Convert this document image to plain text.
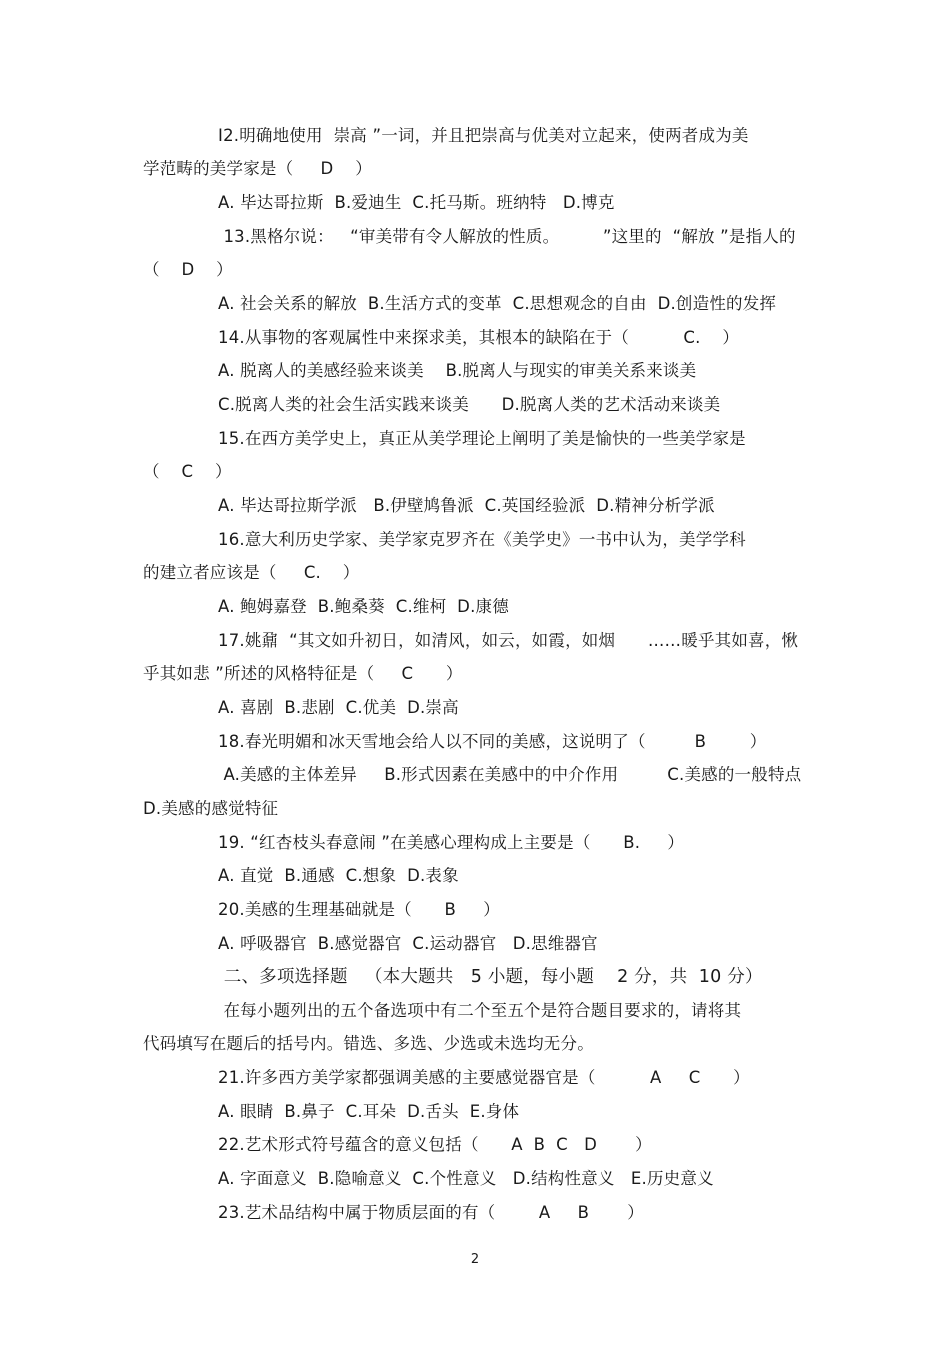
I2.明确地使用  崇高 ”一词，并且把崇高与优美对立起来，使两者成为美

学范畴的美学家是（     D    ）

A. 毕达哥拉斯  B.爱迪生  C.托马斯。班纳特   D.博克

13.黑格尔说：   “审美带有令人解放的性质。        ”这里的  “解放 ”是指人的

（    D    ）

A. 社会关系的解放  B.生活方式的变革  C.思想观念的自由  D.创造性的发挥

14.从事物的客观属性中来探求美，其根本的缺陷在于（          C.    ）

A. 脱离人的美感经验来谈美    B.脱离人与现实的审美关系来谈美

C.脱离人类的社会生活实践来谈美      D.脱离人类的艺术活动来谈美

15.在西方美学史上，真正从美学理论上阐明了美是愉快的一些美学家是

（    C    ）

A. 毕达哥拉斯学派   B.伊壁鸠鲁派  C.英国经验派  D.精神分析学派

16.意大利历史学家、美学家克罗齐在《美学史》一书中认为，美学学科

的建立者应该是（     C.    ）

A. 鲍姆嘉登  B.鲍桑葵  C.维柯  D.康德

17.姚鼐  “其文如升初日，如清风，如云，如霞，如烟      ……暖乎其如喜，愀

乎其如悲 ”所述的风格特征是（     C      ）

A. 喜剧  B.悲剧  C.优美  D.崇高

18.春光明媚和冰天雪地会给人以不同的美感，这说明了（         B        ）

A.美感的主体差异     B.形式因素在美感中的中介作用         C.美感的一般特点

D.美感的感觉特征

19. “红杏枝头春意闹 ”在美感心理构成上主要是（      B.     ）

A. 直觉  B.通感  C.想象  D.表象

20.美感的生理基础就是（      B     ）

A. 呼吸器官  B.感觉器官  C.运动器官   D.思维器官

二、多项选择题   （本大题共   5 小题，每小题    2 分，共  10 分）

在每小题列出的五个备选项中有二个至五个是符合题目要求的，请将其

代码填写在题后的括号内。错选、多选、少选或未选均无分。

21.许多西方美学家都强调美感的主要感觉器官是（          A     C      ）

A. 眼睛  B.鼻子  C.耳朵  D.舌头  E.身体

22.艺术形式符号蕴含的意义包括（      A  B  C   D       ）

A. 字面意义  B.隐喻意义  C.个性意义   D.结构性意义   E.历史意义

23.艺术品结构中属于物质层面的有（        A     B       ）

2
